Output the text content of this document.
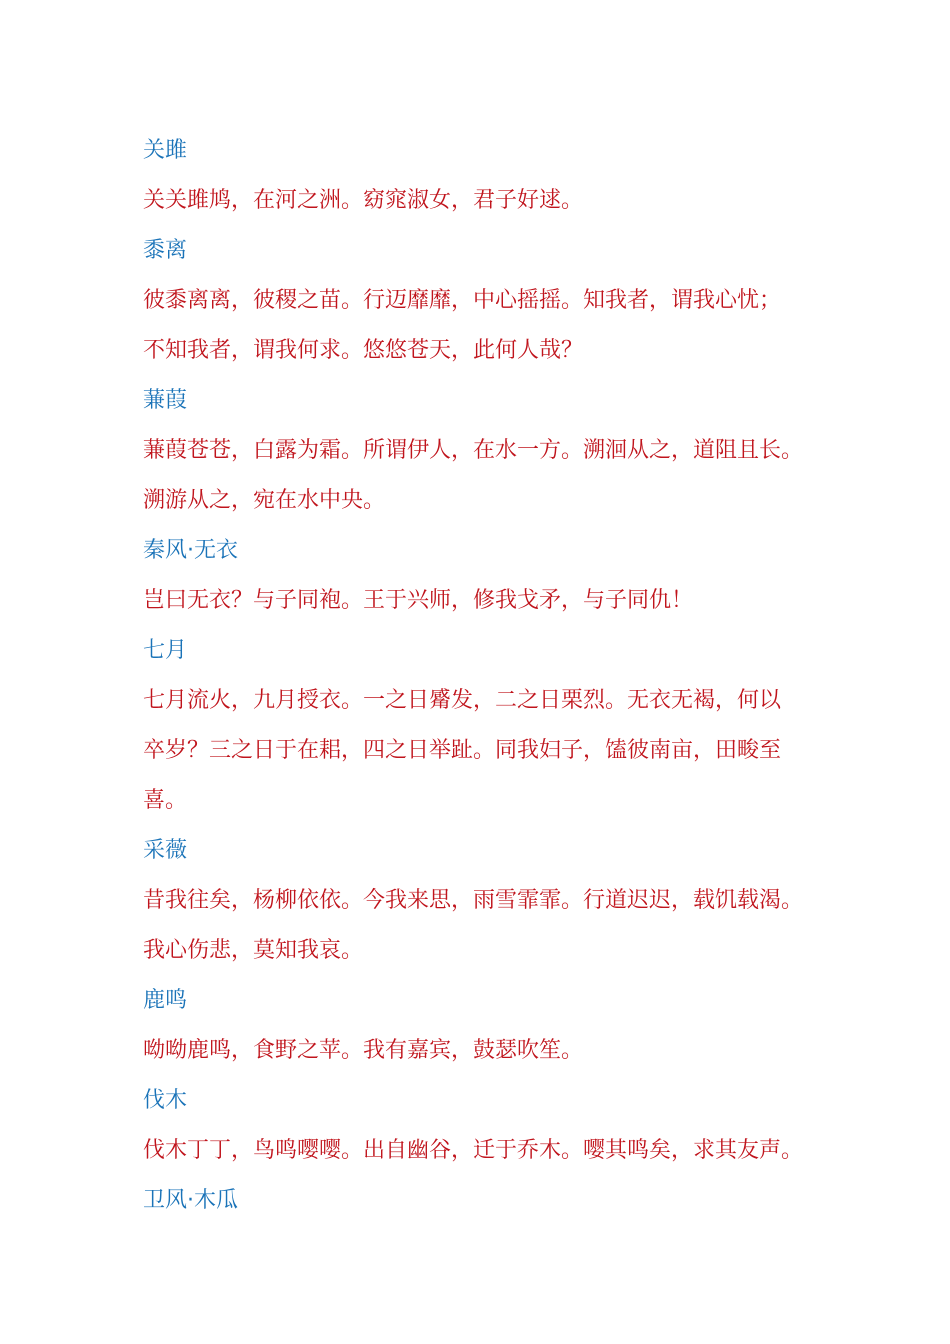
关雎
关关雎鸠，在河之洲。窈窕淑女，君子好逑。
黍离
彼黍离离，彼稷之苗。行迈靡靡，中心摇摇。知我者，谓我心忧；
不知我者，谓我何求。悠悠苍天，此何人哉？
蒹葭
蒹葭苍苍，白露为霜。所谓伊人，在水一方。溯洄从之，道阻且长。
溯游从之，宛在水中央。
秦风·无衣
岂曰无衣？与子同袍。王于兴师，修我戈矛，与子同仇！
七月
七月流火，九月授衣。一之日觱发，二之日栗烈。无衣无褐，何以
卒岁？三之日于在耜，四之日举趾。同我妇子，馌彼南亩，田畯至
喜。
采薇
昔我往矣，杨柳依依。今我来思，雨雪霏霏。行道迟迟，载饥载渴。
我心伤悲，莫知我哀。
鹿鸣
呦呦鹿鸣，食野之苹。我有嘉宾，鼓瑟吹笙。
伐木
伐木丁丁，鸟鸣嘤嘤。出自幽谷，迁于乔木。嘤其鸣矣，求其友声。
卫风·木瓜
